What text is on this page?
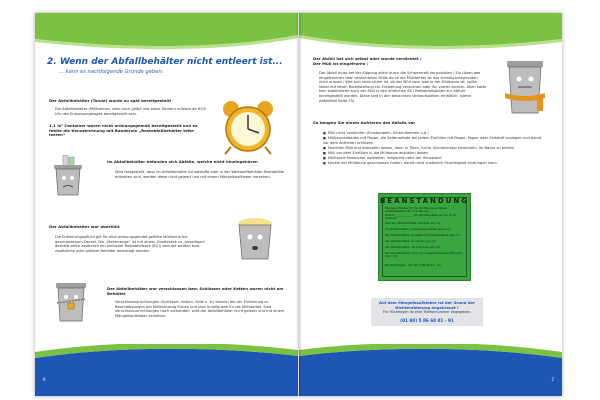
2. Wenn der Abfallbehälter nicht entleert ist...
... kann es nachfolgende Gründe geben:
Der Abfallbehälter (Tonne) wurde zu spät bereitgestellt
Die Abfallbehälter (Mülltonnen, aber auch gelbe und blaue Tonnen) müssen ab 6:00 Uhr des Entsorgungstages bereitgestellt sein.
1,1 m³ Container waren nicht ordnungsgemäß bereitgestellt und es fehlte die Kennzeichnung mit Banderole „Restabfallbehälter bitte leeren“
Im Abfallbehälter befanden sich Abfälle, welche nicht hineingehören
Wird festgestellt, dass im Abfallbehälter Schadstoffe oder in der Wertstoffbehälter-Restabfälle enthalten sind, werden diese nicht geleert und mit einem Mängelkaufkleber versehen.
Der Abfallbehälter war überfüllt
Die Entleerungspflicht gilt für eine ordnungsgemäß gefüllte Mülltonne bei geschlossenem Deckel. Die „Mehrmenge“ ist mit einem Zusatzsack zu „beseitigen“, deshalb sollte zusätzlich ein amtlicher Restabfallsack (60 l) benutzt werden bzw. zusätzliche oder größere Behälter beantragt werden.
Der Abfallbehälter war verschlossen bzw. Schlösser oder Ketten waren nicht am Behälter
Verschlussvorrichtungen (Schlösser, Ketten, Seile u. ä.) können bei der Entleerung zu Beschädigungen am Müllfahrzeug führen und sind Unfallquelle für die Müllwerker. Sind Verschlussvorrichtungen noch vorhanden, wird der Abfallbehälter nicht geleert und mit einem Mängelkaufkleber versehen.
6
Der Abfall hat sich selbst oder wurde verdichtet /
Der Müll ist eingefroren /
Der Abfall muss bei der Kippung allein durch die Schwerkraft herausfallen / Ein Lösen des eingefrorenen bzw. verdichteten Mülls durch die Müllwerker ist aus Unfallschutzgründen nicht erlaubt / Wer sich nicht sicher ist, ob der Müll noch lose in der Mülltonne ist, sollte lieber auf deren Bereitstellung zur Entleerung verzichten oder ihn vorher lockern. Allen hatte kein stabilisieren auch der Müll in den amtlichen 60 l Restabfallsäcken zur Abfuhr bereitgestellt werden. Diese sind in den bekannten Verkaufsstellen erhältlich. (siehe Abfallfibel Seite 25)
So beugen Sie einem Anfrieren des Abfalls vor
■ Müll nicht verdichten (Einstampfen, Einschlämmen u.ä.)
■ Mülltonnenboden mit Pappe, die Seitenwände bei jedem Einfüllen mit Pappe, Papier oder Zeitstoff auslegen und damit vor dem Anfrieren schützen
■ Feuchten Müll erst abtropfen lassen, dann in Tüten, Eckle, Küchenkrepp einwickeln, im Nasse zu binden
■ Müll vor dem Einfüllen in die Mülltonne abkühlen lassen
■ Mülltonne frostsicher aufstellen, möglichst nahe der Hauswand
■ Deckel der Mülltonne geschlossen halten, damit nicht zusätzlich Feuchtigkeit eindringen kann.
BEANSTANDUNG
Mängelaufkleber für die Nichtleerung dieses Abfallbehälters ist zu entfernen
Datum: ____________ Ihr Abfallbehälter wurde nicht entleert,
weil der Abfallbehälter überfüllt war (1)
im Abfallbehälter unzulässige Abfälle waren (2)
der Abfallbehälter zu spät/nicht bereitgestellt war (3)
der Abfallbehälter zu schwer war (4)
der Abfallbehälter verschlossen war (5)
der Abfallbehälter nicht am vorgeschriebenen Standort stand (6)
Bei Rückfragen: (01 80) 5 86 60 01 – 91
Auf dem Mängelkaufkleber ist der Grund der Nichtentleerung angekreuzt !
Für Rückfragen ist eine Telefonnummer angegeben.
(01 80) 5 86 60 01 - 91
7
